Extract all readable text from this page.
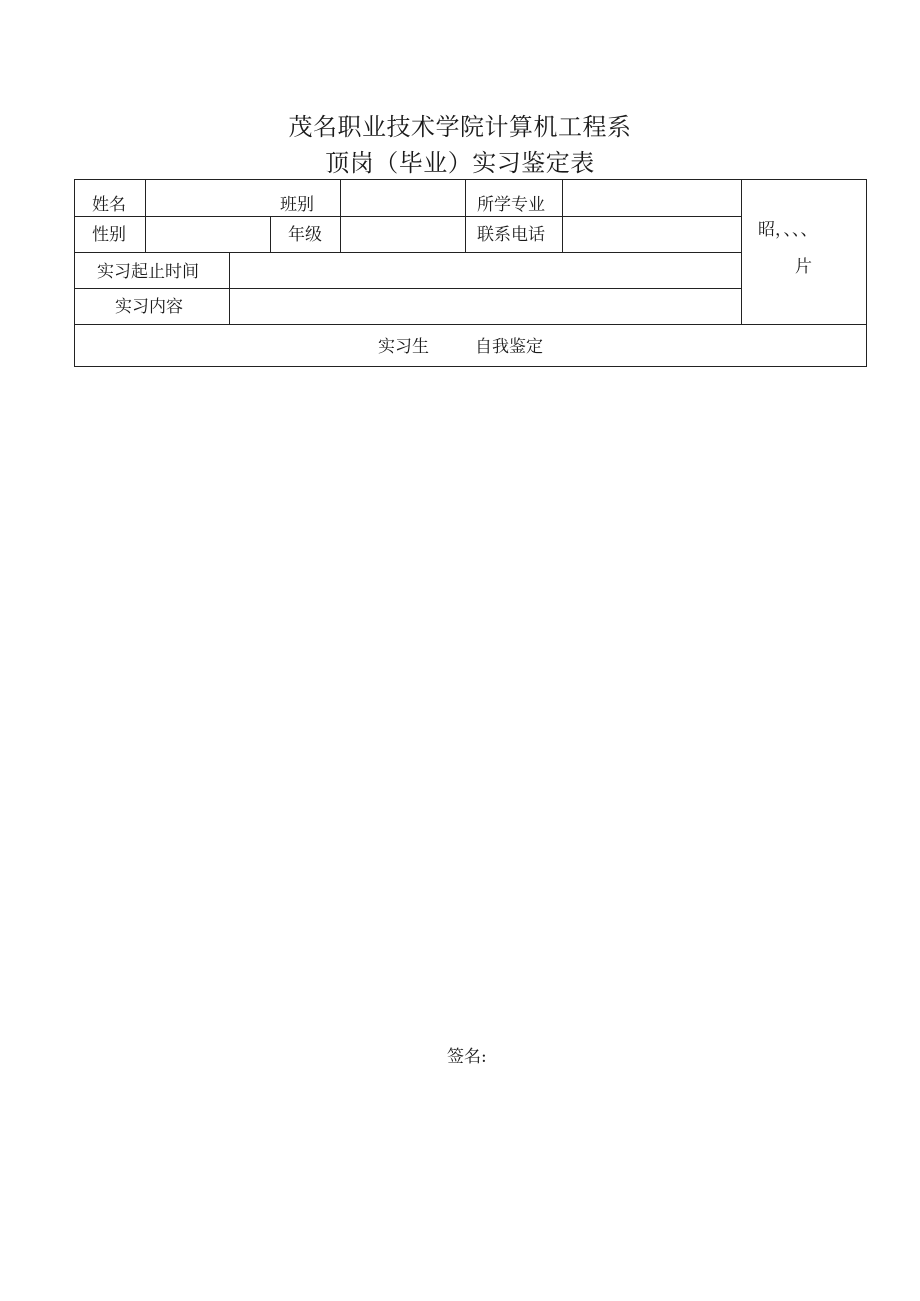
茂名职业技术学院计算机工程系
顶岗（毕业）实习鉴定表
姓名	班别	所学专业
性别	年级	联系电话
实习起止时间
实习内容
昭，、、、
片
实习生	自我鉴定
签名:
